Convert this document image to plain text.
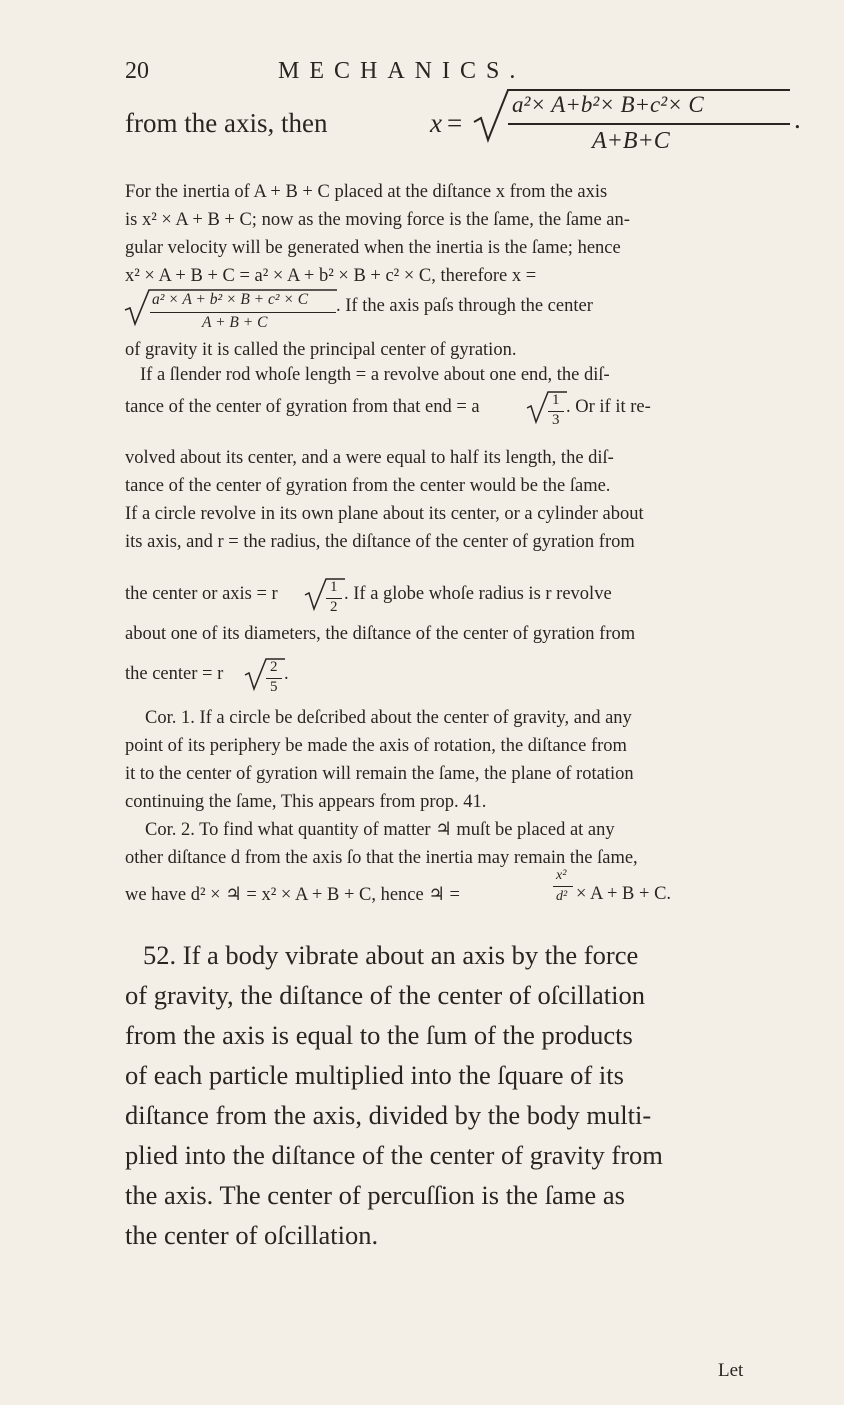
20	MECHANICS.
from the axis, then	x =
a²× A+b²× B+c²× C
A+B+C
.
For the inertia of A + B + C placed at the diſtance x from the axis
is x² × A + B + C; now as the moving force is the ſame, the ſame an-
gular velocity will be generated when the inertia is the ſame; hence
x² × A + B + C = a² × A + b² × B + c² × C, therefore x =
a² × A + b² × B + c² × C
A + B + C
. If the axis paſs through the center
of gravity it is called the principal center of gyration.
If a ſlender rod whoſe length = a revolve about one end, the diſ-
tance of the center of gyration from that end = a	1
3
. Or if it re-
volved about its center, and a were equal to half its length, the diſ-
tance of the center of gyration from the center would be the ſame.
If a circle revolve in its own plane about its center, or a cylinder about
its axis, and r = the radius, the diſtance of the center of gyration from
the center or axis = r	1
2
. If a globe whoſe radius is r revolve
about one of its diameters, the diſtance of the center of gyration from
the center = r	2
5
.
Cor. 1. If a circle be deſcribed about the center of gravity, and any
point of its periphery be made the axis of rotation, the diſtance from
it to the center of gyration will remain the ſame, the plane of rotation
continuing the ſame, This appears from prop. 41.
Cor. 2. To find what quantity of matter ♃ muſt be placed at any
other diſtance d from the axis ſo that the inertia may remain the ſame,
we have d² × ♃ = x² × A + B + C, hence ♃ =
x²
d² × A + B + C.
52. If a body vibrate about an axis by the force
of gravity, the diſtance of the center of oſcillation
from the axis is equal to the ſum of the products
of each particle multiplied into the ſquare of its
diſtance from the axis, divided by the body multi-
plied into the diſtance of the center of gravity from
the axis. The center of percuſſion is the ſame as
the center of oſcillation.
Let
